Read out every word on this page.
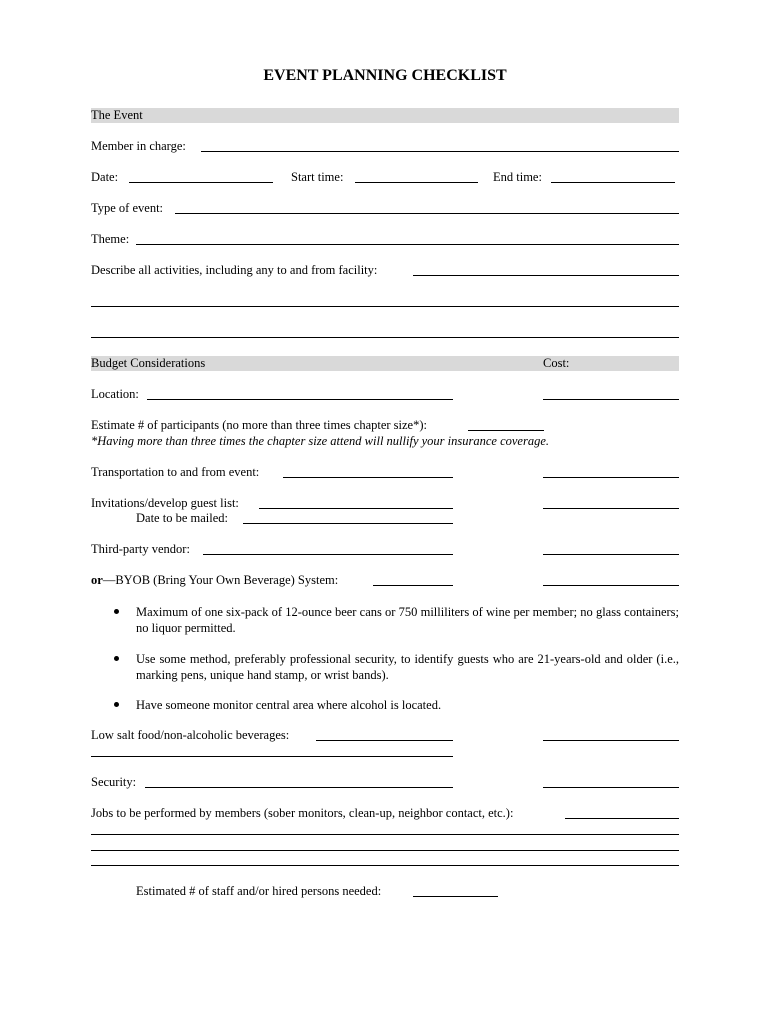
EVENT PLANNING CHECKLIST
The Event
Member in charge:
Date:	Start time:	End time:
Type of event:
Theme:
Describe all activities, including any to and from facility:
Budget Considerations	Cost:
Location:
Estimate # of participants (no more than three times chapter size*):
*Having more than three times the chapter size attend will nullify your insurance coverage.
Transportation to and from event:
Invitations/develop guest list:
Date to be mailed:
Third-party vendor:
or—BYOB (Bring Your Own Beverage) System:
Maximum of one six-pack of 12-ounce beer cans or 750 milliliters of wine per member; no glass containers; no liquor permitted.
Use some method, preferably professional security, to identify guests who are 21-years-old and older (i.e., marking pens, unique hand stamp, or wrist bands).
Have someone monitor central area where alcohol is located.
Low salt food/non-alcoholic beverages:
Security:
Jobs to be performed by members (sober monitors, clean-up, neighbor contact, etc.):
Estimated # of staff and/or hired persons needed:
